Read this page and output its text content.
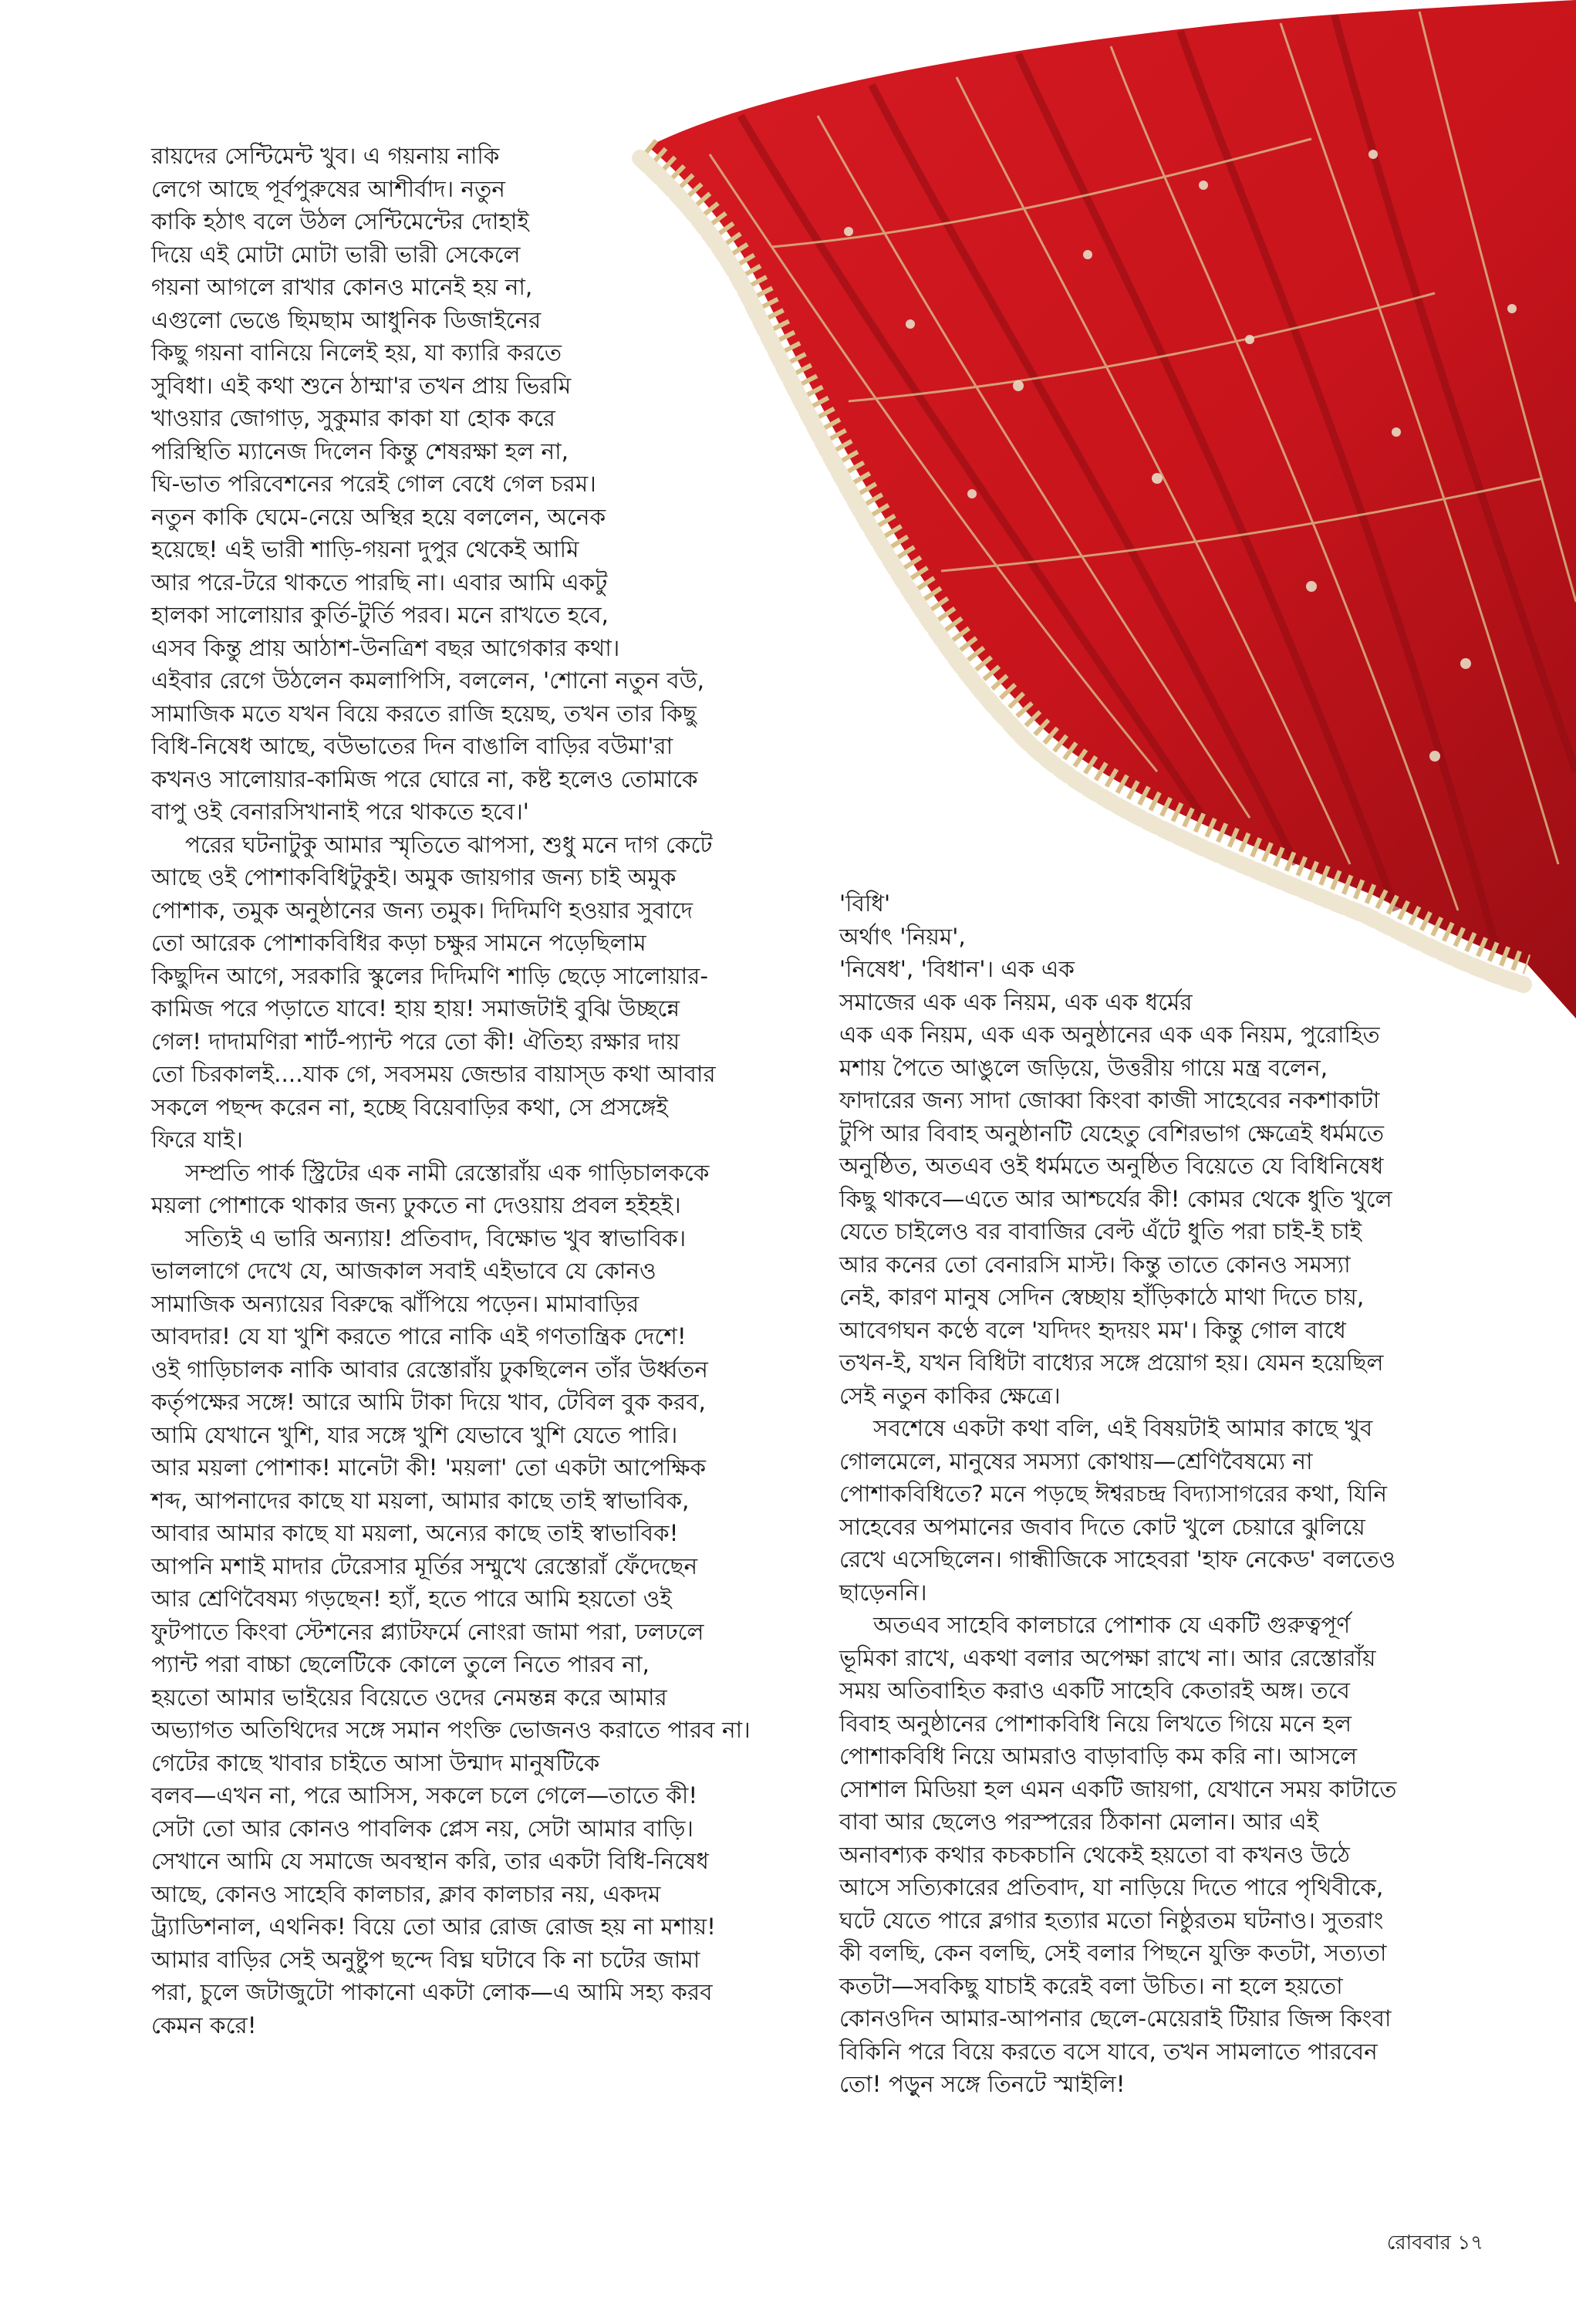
রায়দের সেন্টিমেন্ট খুব। এ গয়নায় নাকি

লেগে আছে পূর্বপুরুষের আশীর্বাদ। নতুন

কাকি হঠাৎ বলে উঠল সেন্টিমেন্টের দোহাই

দিয়ে এই মোটা মোটা ভারী ভারী সেকেলে

গয়না আগলে রাখার কোনও মানেই হয় না,

এগুলো ভেঙে ছিমছাম আধুনিক ডিজাইনের

কিছু গয়না বানিয়ে নিলেই হয়, যা ক্যারি করতে

সুবিধা। এই কথা শুনে ঠাম্মা'র তখন প্রায় ভিরমি

খাওয়ার জোগাড়, সুকুমার কাকা যা হোক করে

পরিস্থিতি ম্যানেজ দিলেন কিন্তু শেষরক্ষা হল না,

ঘি-ভাত পরিবেশনের পরেই গোল বেধে গেল চরম।

নতুন কাকি ঘেমে-নেয়ে অস্থির হয়ে বললেন, অনেক

হয়েছে! এই ভারী শাড়ি-গয়না দুপুর থেকেই আমি

আর পরে-টরে থাকতে পারছি না। এবার আমি একটু

হালকা সালোয়ার কুর্তি-টুর্তি পরব। মনে রাখতে হবে,

এসব কিন্তু প্রায় আঠাশ-উনত্রিশ বছর আগেকার কথা।

এইবার রেগে উঠলেন কমলাপিসি, বললেন, 'শোনো নতুন বউ,

সামাজিক মতে যখন বিয়ে করতে রাজি হয়েছ, তখন তার কিছু

বিধি-নিষেধ আছে, বউভাতের দিন বাঙালি বাড়ির বউমা'রা

কখনও সালোয়ার-কামিজ পরে ঘোরে না, কষ্ট হলেও তোমাকে

বাপু ওই বেনারসিখানাই পরে থাকতে হবে।'

পরের ঘটনাটুকু আমার স্মৃতিতে ঝাপসা, শুধু মনে দাগ কেটে

আছে ওই পোশাকবিধিটুকুই। অমুক জায়গার জন্য চাই অমুক

পোশাক, তমুক অনুষ্ঠানের জন্য তমুক। দিদিমণি হওয়ার সুবাদে

তো আরেক পোশাকবিধির কড়া চক্ষুর সামনে পড়েছিলাম

কিছুদিন আগে, সরকারি স্কুলের দিদিমণি শাড়ি ছেড়ে সালোয়ার-

কামিজ পরে পড়াতে যাবে! হায় হায়! সমাজটাই বুঝি উচ্ছন্নে

গেল! দাদামণিরা শার্ট-প্যান্ট পরে তো কী! ঐতিহ্য রক্ষার দায়

তো চিরকালই....যাক গে, সবসময় জেন্ডার বায়াস্ড কথা আবার

সকলে পছন্দ করেন না, হচ্ছে বিয়েবাড়ির কথা, সে প্রসঙ্গেই

ফিরে যাই।

সম্প্রতি পার্ক স্ট্রিটের এক নামী রেস্তোরাঁয় এক গাড়িচালককে

ময়লা পোশাকে থাকার জন্য ঢুকতে না দেওয়ায় প্রবল হইহই।

সত্যিই এ ভারি অন্যায়! প্রতিবাদ, বিক্ষোভ খুব স্বাভাবিক।

ভাললাগে দেখে যে, আজকাল সবাই এইভাবে যে কোনও

সামাজিক অন্যায়ের বিরুদ্ধে ঝাঁপিয়ে পড়েন। মামাবাড়ির

আবদার! যে যা খুশি করতে পারে নাকি এই গণতান্ত্রিক দেশে!

ওই গাড়িচালক নাকি আবার রেস্তোরাঁয় ঢুকছিলেন তাঁর উর্ধ্বতন

কর্তৃপক্ষের সঙ্গে! আরে আমি টাকা দিয়ে খাব, টেবিল বুক করব,

আমি যেখানে খুশি, যার সঙ্গে খুশি যেভাবে খুশি যেতে পারি।

আর ময়লা পোশাক! মানেটা কী! 'ময়লা' তো একটা আপেক্ষিক

শব্দ, আপনাদের কাছে যা ময়লা, আমার কাছে তাই স্বাভাবিক,

আবার আমার কাছে যা ময়লা, অন্যের কাছে তাই স্বাভাবিক!

আপনি মশাই মাদার টেরেসার মূর্তির সম্মুখে রেস্তোরাঁ ফেঁদেছেন

আর শ্রেণিবৈষম্য গড়ছেন! হ্যাঁ, হতে পারে আমি হয়তো ওই

ফুটপাতে কিংবা স্টেশনের প্ল্যাটফর্মে নোংরা জামা পরা, ঢলঢলে

প্যান্ট পরা বাচ্চা ছেলেটিকে কোলে তুলে নিতে পারব না,

হয়তো আমার ভাইয়ের বিয়েতে ওদের নেমন্তন্ন করে আমার

অভ্যাগত অতিথিদের সঙ্গে সমান পংক্তি ভোজনও করাতে পারব না।

গেটের কাছে খাবার চাইতে আসা উন্মাদ মানুষটিকে

বলব—এখন না, পরে আসিস, সকলে চলে গেলে—তাতে কী!

সেটা তো আর কোনও পাবলিক প্লেস নয়, সেটা আমার বাড়ি।

সেখানে আমি যে সমাজে অবস্থান করি, তার একটা বিধি-নিষেধ

আছে, কোনও সাহেবি কালচার, ক্লাব কালচার নয়, একদম

ট্র্যাডিশনাল, এথনিক! বিয়ে তো আর রোজ রোজ হয় না মশায়!

আমার বাড়ির সেই অনুষ্টুপ ছন্দে বিঘ্ন ঘটাবে কি না চটের জামা

পরা, চুলে জটাজুটো পাকানো একটা লোক—এ আমি সহ্য করব

কেমন করে!

'বিধি'

অর্থাৎ 'নিয়ম',

'নিষেধ', 'বিধান'। এক এক

সমাজের এক এক নিয়ম, এক এক ধর্মের

এক এক নিয়ম, এক এক অনুষ্ঠানের এক এক নিয়ম, পুরোহিত

মশায় পৈতে আঙুলে জড়িয়ে, উত্তরীয় গায়ে মন্ত্র বলেন,

ফাদারের জন্য সাদা জোব্বা কিংবা কাজী সাহেবের নকশাকাটা

টুপি আর বিবাহ অনুষ্ঠানটি যেহেতু বেশিরভাগ ক্ষেত্রেই ধর্মমতে

অনুষ্ঠিত, অতএব ওই ধর্মমতে অনুষ্ঠিত বিয়েতে যে বিধিনিষেধ

কিছু থাকবে—এতে আর আশ্চর্যের কী! কোমর থেকে ধুতি খুলে

যেতে চাইলেও বর বাবাজির বেল্ট এঁটে ধুতি পরা চাই-ই চাই

আর কনের তো বেনারসি মাস্ট। কিন্তু তাতে কোনও সমস্যা

নেই, কারণ মানুষ সেদিন স্বেচ্ছায় হাঁড়িকাঠে মাথা দিতে চায়,

আবেগঘন কণ্ঠে বলে 'যদিদং হৃদয়ং মম'। কিন্তু গোল বাধে

তখন-ই, যখন বিধিটা বাধ্যের সঙ্গে প্রয়োগ হয়। যেমন হয়েছিল

সেই নতুন কাকির ক্ষেত্রে।

সবশেষে একটা কথা বলি, এই বিষয়টাই আমার কাছে খুব

গোলমেলে, মানুষের সমস্যা কোথায়—শ্রেণিবৈষম্যে না

পোশাকবিধিতে? মনে পড়ছে ঈশ্বরচন্দ্র বিদ্যাসাগরের কথা, যিনি

সাহেবের অপমানের জবাব দিতে কোট খুলে চেয়ারে ঝুলিয়ে

রেখে এসেছিলেন। গান্ধীজিকে সাহেবরা 'হাফ নেকেড' বলতেও

ছাড়েননি।

অতএব সাহেবি কালচারে পোশাক যে একটি গুরুত্বপূর্ণ

ভূমিকা রাখে, একথা বলার অপেক্ষা রাখে না। আর রেস্তোরাঁয়

সময় অতিবাহিত করাও একটি সাহেবি কেতারই অঙ্গ। তবে

বিবাহ অনুষ্ঠানের পোশাকবিধি নিয়ে লিখতে গিয়ে মনে হল

পোশাকবিধি নিয়ে আমরাও বাড়াবাড়ি কম করি না। আসলে

সোশাল মিডিয়া হল এমন একটি জায়গা, যেখানে সময় কাটাতে

বাবা আর ছেলেও পরস্পরের ঠিকানা মেলান। আর এই

অনাবশ্যক কথার কচকচানি থেকেই হয়তো বা কখনও উঠে

আসে সত্যিকারের প্রতিবাদ, যা নাড়িয়ে দিতে পারে পৃথিবীকে,

ঘটে যেতে পারে ব্লগার হত্যার মতো নিষ্ঠুরতম ঘটনাও। সুতরাং

কী বলছি, কেন বলছি, সেই বলার পিছনে যুক্তি কতটা, সত্যতা

কতটা—সবকিছু যাচাই করেই বলা উচিত। না হলে হয়তো

কোনওদিন আমার-আপনার ছেলে-মেয়েরাই টিয়ার জিন্স কিংবা

বিকিনি পরে বিয়ে করতে বসে যাবে, তখন সামলাতে পারবেন

তো! পড়ুন সঙ্গে তিনটে স্মাইলি!

রোববার ১৭
